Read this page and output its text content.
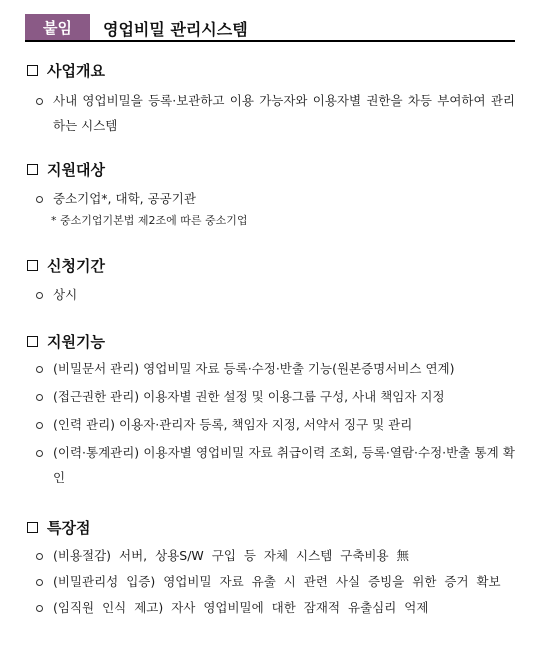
붙임	영업비밀 관리시스템
사업개요
사내 영업비밀을 등록·보관하고 이용 가능자와 이용자별 권한을 차등 부여하여 관리하는 시스템
지원대상
중소기업*, 대학, 공공기관
* 중소기업기본법 제2조에 따른 중소기업
신청기간
상시
지원기능
(비밀문서 관리) 영업비밀 자료 등록·수정·반출 기능(원본증명서비스 연계)
(접근권한 관리) 이용자별 권한 설정 및 이용그룹 구성, 사내 책임자 지정
(인력 관리) 이용자·관리자 등록, 책임자 지정, 서약서 징구 및 관리
(이력·통계관리) 이용자별 영업비밀 자료 취급이력 조회, 등록·열람·수정·반출 통계 확인
특장점
(비용절감) 서버, 상용S/W 구입 등 자체 시스템 구축비용 無
(비밀관리성 입증) 영업비밀 자료 유출 시 관련 사실 증빙을 위한 증거 확보
(임직원 인식 제고) 자사 영업비밀에 대한 잠재적 유출심리 억제
